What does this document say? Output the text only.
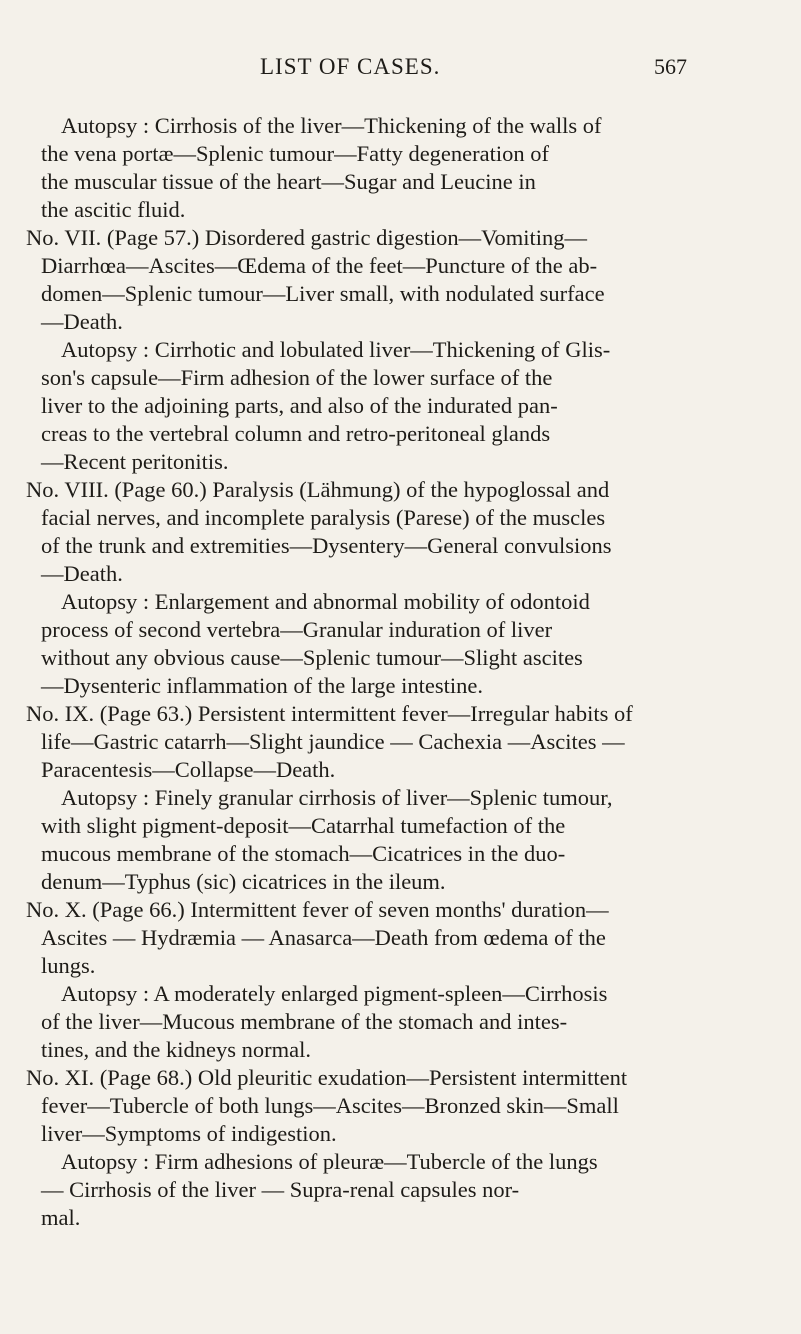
LIST OF CASES.	567
Autopsy : Cirrhosis of the liver—Thickening of the walls of
the vena portæ—Splenic tumour—Fatty degeneration of
the muscular tissue of the heart—Sugar and Leucine in
the ascitic fluid.
No. VII. (Page 57.) Disordered gastric digestion—Vomiting—
Diarrhœa—Ascites—Œdema of the feet—Puncture of the ab-
domen—Splenic tumour—Liver small, with nodulated surface
—Death.
Autopsy : Cirrhotic and lobulated liver—Thickening of Glis-
son's capsule—Firm adhesion of the lower surface of the
liver to the adjoining parts, and also of the indurated pan-
creas to the vertebral column and retro-peritoneal glands
—Recent peritonitis.
No. VIII. (Page 60.) Paralysis (Lähmung) of the hypoglossal and
facial nerves, and incomplete paralysis (Parese) of the muscles
of the trunk and extremities—Dysentery—General convulsions
—Death.
Autopsy : Enlargement and abnormal mobility of odontoid
process of second vertebra—Granular induration of liver
without any obvious cause—Splenic tumour—Slight ascites
—Dysenteric inflammation of the large intestine.
No. IX. (Page 63.) Persistent intermittent fever—Irregular habits of
life—Gastric catarrh—Slight jaundice — Cachexia —Ascites —
Paracentesis—Collapse—Death.
Autopsy : Finely granular cirrhosis of liver—Splenic tumour,
with slight pigment-deposit—Catarrhal tumefaction of the
mucous membrane of the stomach—Cicatrices in the duo-
denum—Typhus (sic) cicatrices in the ileum.
No. X. (Page 66.) Intermittent fever of seven months' duration—
Ascites — Hydræmia — Anasarca—Death from œdema of the
lungs.
Autopsy : A moderately enlarged pigment-spleen—Cirrhosis
of the liver—Mucous membrane of the stomach and intes-
tines, and the kidneys normal.
No. XI. (Page 68.) Old pleuritic exudation—Persistent intermittent
fever—Tubercle of both lungs—Ascites—Bronzed skin—Small
liver—Symptoms of indigestion.
Autopsy : Firm adhesions of pleuræ—Tubercle of the lungs
— Cirrhosis of the liver — Supra-renal capsules nor-
mal.
